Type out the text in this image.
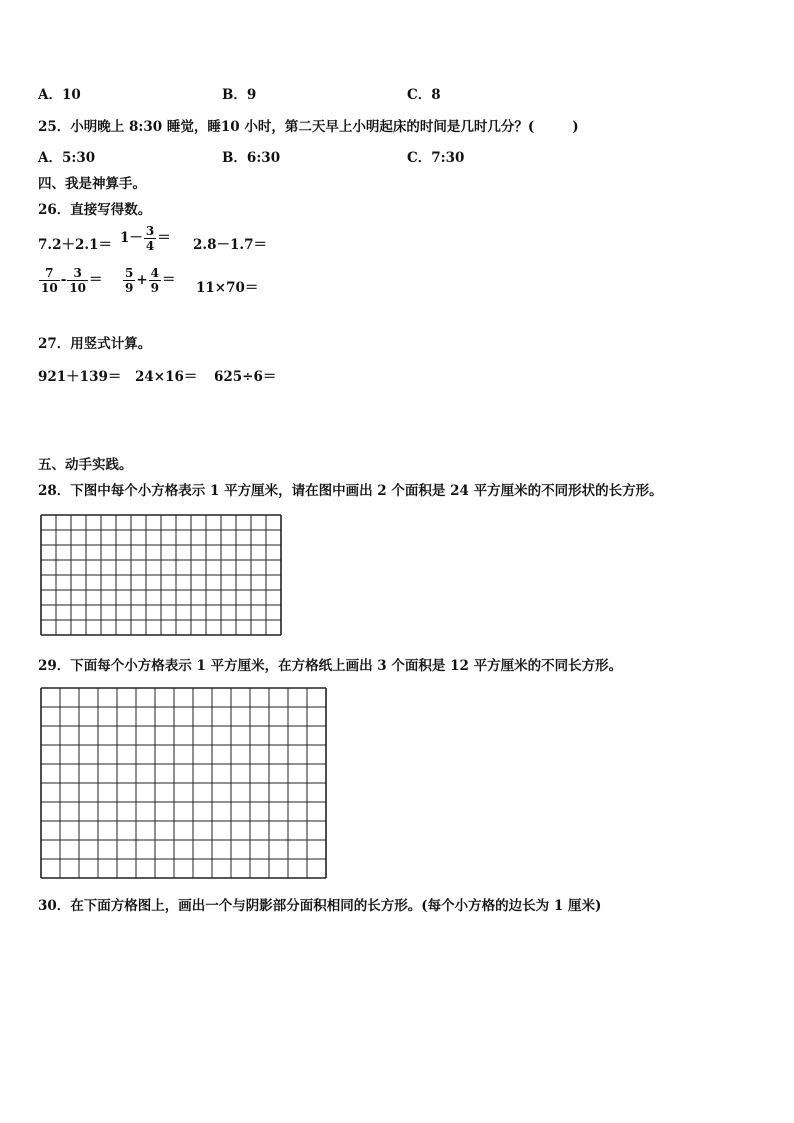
A．10	B．9	C．8
25．小明晚上 8:30 睡觉，睡10 小时，第二天早上小明起床的时间是几时几分？(	)
A．5:30	B．6:30	C．7:30
四、我是神算手。
26．直接写得数。
$7.2+2.1= 1- \frac{3}{4} = 2.8-1.7=$
$\frac{7}{10} - \frac{3}{10} = \frac{5}{9} + \frac{4}{9} = 11\times 70=$
27．用竖式计算。
921＋139＝ 24×16＝ 625÷6＝
五、动手实践。
28．下图中每个小方格表示 1 平方厘米，请在图中画出 2 个面积是 24 平方厘米的不同形状的长方形。
29．下面每个小方格表示 1 平方厘米，在方格纸上画出 3 个面积是 12 平方厘米的不同长方形。
30．在下面方格图上，画出一个与阴影部分面积相同的长方形。(每个小方格的边长为 1 厘米)
